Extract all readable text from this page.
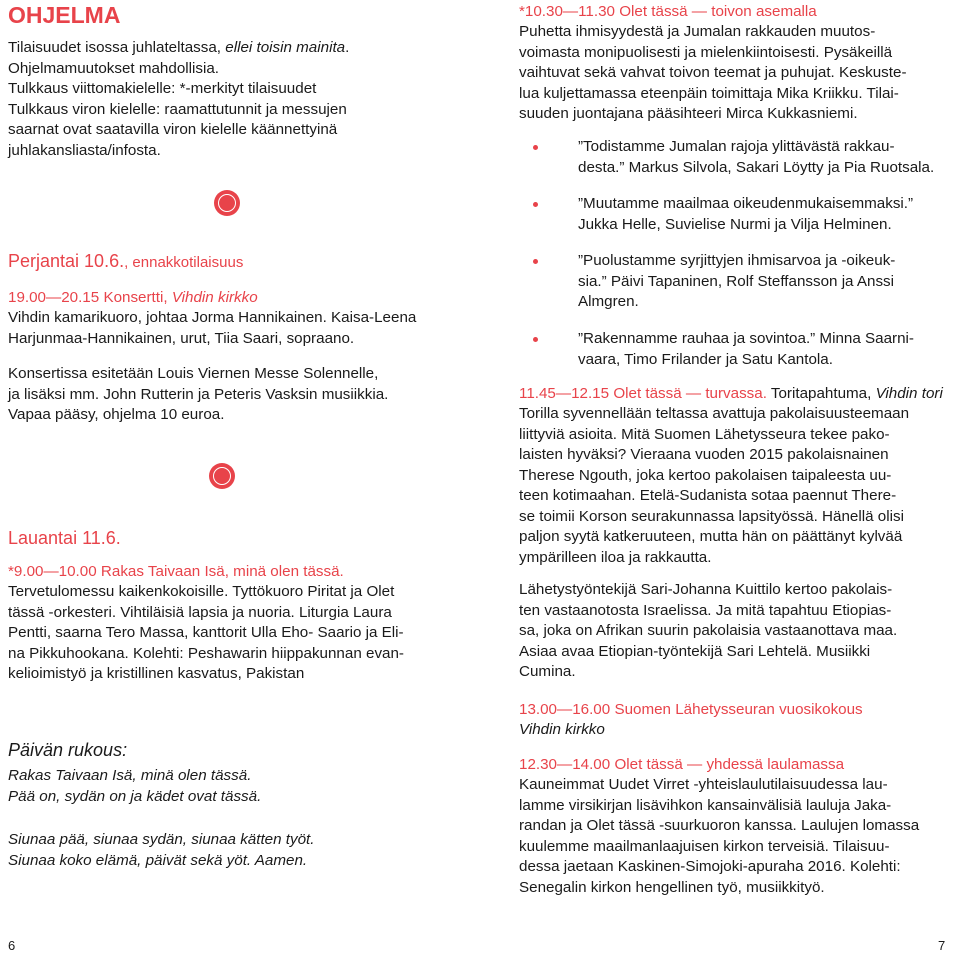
OHJELMA
Tilaisuudet isossa juhlateltassa, ellei toisin mainita.
Ohjelmamuutokset mahdollisia.
Tulkkaus viittomakielelle: *-merkityt tilaisuudet
Tulkkaus viron kielelle: raamattutunnit ja messujen
saarnat ovat saatavilla viron kielelle käännettyinä
juhlakansliasta/infosta.
Perjantai 10.6., ennakkotilaisuus
19.00—20.15 Konsertti, Vihdin kirkko
Vihdin kamarikuoro, johtaa Jorma Hannikainen. Kaisa-Leena
Harjunmaa-Hannikainen, urut, Tiia Saari, sopraano.
Konsertissa esitetään Louis Viernen Messe Solennelle,
ja lisäksi mm. John Rutterin ja Peteris Vasksin musiikkia.
Vapaa pääsy, ohjelma 10 euroa.
Lauantai 11.6.
*9.00—10.00 Rakas Taivaan Isä, minä olen tässä.
Tervetulomessu kaikenkokoisille. Tyttökuoro Piritat ja Olet
tässä -orkesteri. Vihtiläisiä lapsia ja nuoria. Liturgia Laura
Pentti, saarna Tero Massa, kanttorit Ulla Eho- Saario ja Eli-
na Pikkuhookana. Kolehti: Peshawarin hiippakunnan evan-
kelioimistyö ja kristillinen kasvatus, Pakistan
Päivän rukous:
Rakas Taivaan Isä, minä olen tässä.
Pää on, sydän on ja kädet ovat tässä.
Siunaa pää, siunaa sydän, siunaa kätten työt.
Siunaa koko elämä, päivät sekä yöt. Aamen.
6
*10.30—11.30 Olet tässä — toivon asemalla
Puhetta ihmisyydestä ja Jumalan rakkauden muutos-
voimasta monipuolisesti ja mielenkiintoisesti. Pysäkeillä
vaihtuvat sekä vahvat toivon teemat ja puhujat. Keskuste-
lua kuljettamassa eteenpäin toimittaja Mika Kriikku. Tilai-
suuden juontajana pääsihteeri Mirca Kukkasniemi.
”Todistamme Jumalan rajoja ylittävästä rakkau-
desta.” Markus Silvola, Sakari Löytty ja Pia Ruotsala.
”Muutamme maailmaa oikeudenmukaisemmaksi.”
Jukka Helle, Suvielise Nurmi ja Vilja Helminen.
”Puolustamme syrjittyjen ihmisarvoa ja -oikeuk-
sia.” Päivi Tapaninen, Rolf Steffansson ja Anssi
Almgren.
”Rakennamme rauhaa ja sovintoa.” Minna Saarni-
vaara, Timo Frilander ja Satu Kantola.
11.45—12.15 Olet tässä — turvassa. Toritapahtuma, Vihdin tori
Torilla syvennellään teltassa avattuja pakolaisuusteemaan
liittyviä asioita. Mitä Suomen Lähetysseura tekee pako-
laisten hyväksi? Vieraana vuoden 2015 pakolaisnainen
Therese Ngouth, joka kertoo pakolaisen taipaleesta uu-
teen kotimaahan. Etelä-Sudanista sotaa paennut There-
se toimii Korson seurakunnassa lapsityössä. Hänellä olisi
paljon syytä katkeruuteen, mutta hän on päättänyt kylvää
ympärilleen iloa ja rakkautta.
Lähetystyöntekijä Sari-Johanna Kuittilo kertoo pakolais-
ten vastaanotosta Israelissa. Ja mitä tapahtuu Etiopias-
sa, joka on Afrikan suurin pakolaisia vastaanottava maa.
Asiaa avaa Etiopian-työntekijä Sari Lehtelä. Musiikki
Cumina.
13.00—16.00 Suomen Lähetysseuran vuosikokous
Vihdin kirkko
12.30—14.00 Olet tässä — yhdessä laulamassa
Kauneimmat Uudet Virret -yhteislaulutilaisuudessa lau-
lamme virsikirjan lisävihkon kansainvälisiä lauluja Jaka-
randan ja Olet tässä -suurkuoron kanssa. Laulujen lomassa
kuulemme maailmanlaajuisen kirkon terveisiä. Tilaisuu-
dessa jaetaan Kaskinen-Simojoki-apuraha 2016. Kolehti:
Senegalin kirkon hengellinen työ, musiikkityö.
7
